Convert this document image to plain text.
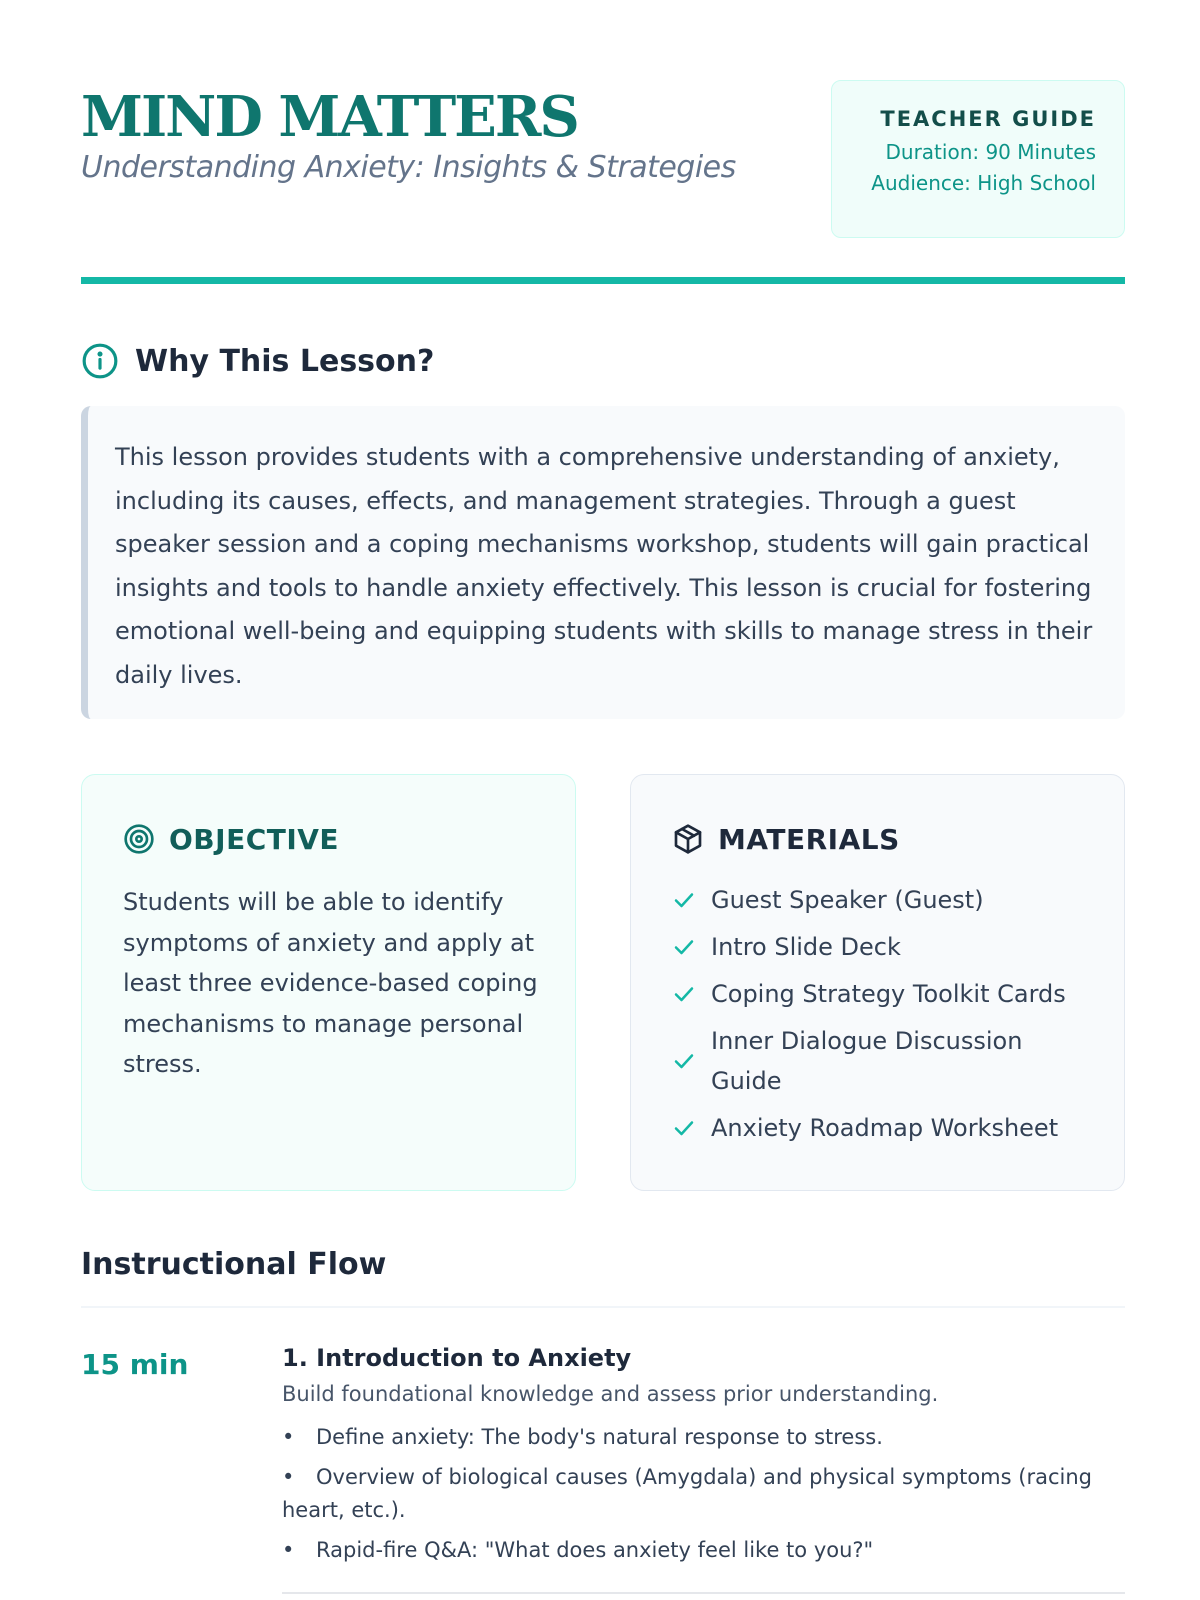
MIND MATTERS

Understanding Anxiety: Insights & Strategies

TEACHER GUIDE
Duration: 90 Minutes
Audience: High School
Why This Lesson?

This lesson provides students with a comprehensive understanding of anxiety, including its causes, effects, and management strategies. Through a guest speaker session and a coping mechanisms workshop, students will gain practical insights and tools to handle anxiety effectively. This lesson is crucial for fostering emotional well-being and equipping students with skills to manage stress in their daily lives.

OBJECTIVE

Students will be able to identify symptoms of anxiety and apply at least three evidence-based coping mechanisms to manage personal stress.

MATERIALS
Guest Speaker (Guest)
Intro Slide Deck
Coping Strategy Toolkit Cards
Inner Dialogue Discussion Guide
Anxiety Roadmap Worksheet
Instructional Flow
15 min	1. Introduction to Anxiety

Build foundational knowledge and assess prior understanding.

• Define anxiety: The body's natural response to stress.
• Overview of biological causes (Amygdala) and physical symptoms (racing heart, etc.).
• Rapid-fire Q&A: "What does anxiety feel like to you?"
